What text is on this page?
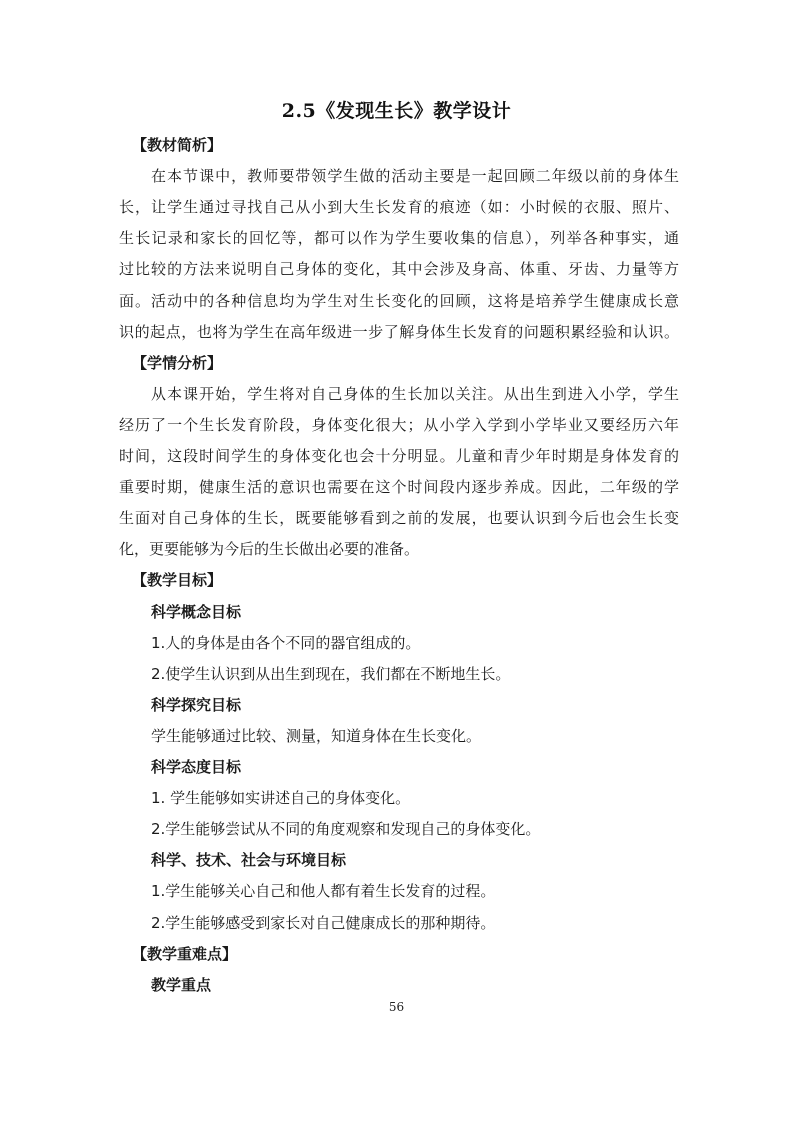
2.5《发现生长》教学设计
【教材简析】
在本节课中，教师要带领学生做的活动主要是一起回顾二年级以前的身体生
长，让学生通过寻找自己从小到大生长发育的痕迹（如：小时候的衣服、照片、
生长记录和家长的回忆等，都可以作为学生要收集的信息），列举各种事实，通
过比较的方法来说明自己身体的变化，其中会涉及身高、体重、牙齿、力量等方
面。活动中的各种信息均为学生对生长变化的回顾，这将是培养学生健康成长意
识的起点，也将为学生在高年级进一步了解身体生长发育的问题积累经验和认识。
【学情分析】
从本课开始，学生将对自己身体的生长加以关注。从出生到进入小学，学生
经历了一个生长发育阶段，身体变化很大；从小学入学到小学毕业又要经历六年
时间，这段时间学生的身体变化也会十分明显。儿童和青少年时期是身体发育的
重要时期，健康生活的意识也需要在这个时间段内逐步养成。因此，二年级的学
生面对自己身体的生长，既要能够看到之前的发展，也要认识到今后也会生长变
化，更要能够为今后的生长做出必要的准备。
【教学目标】
科学概念目标
1.人的身体是由各个不同的器官组成的。
2.使学生认识到从出生到现在，我们都在不断地生长。
科学探究目标
学生能够通过比较、测量，知道身体在生长变化。
科学态度目标
1. 学生能够如实讲述自己的身体变化。
2.学生能够尝试从不同的角度观察和发现自己的身体变化。
科学、技术、社会与环境目标
1.学生能够关心自己和他人都有着生长发育的过程。
2.学生能够感受到家长对自己健康成长的那种期待。
【教学重难点】
教学重点
56
